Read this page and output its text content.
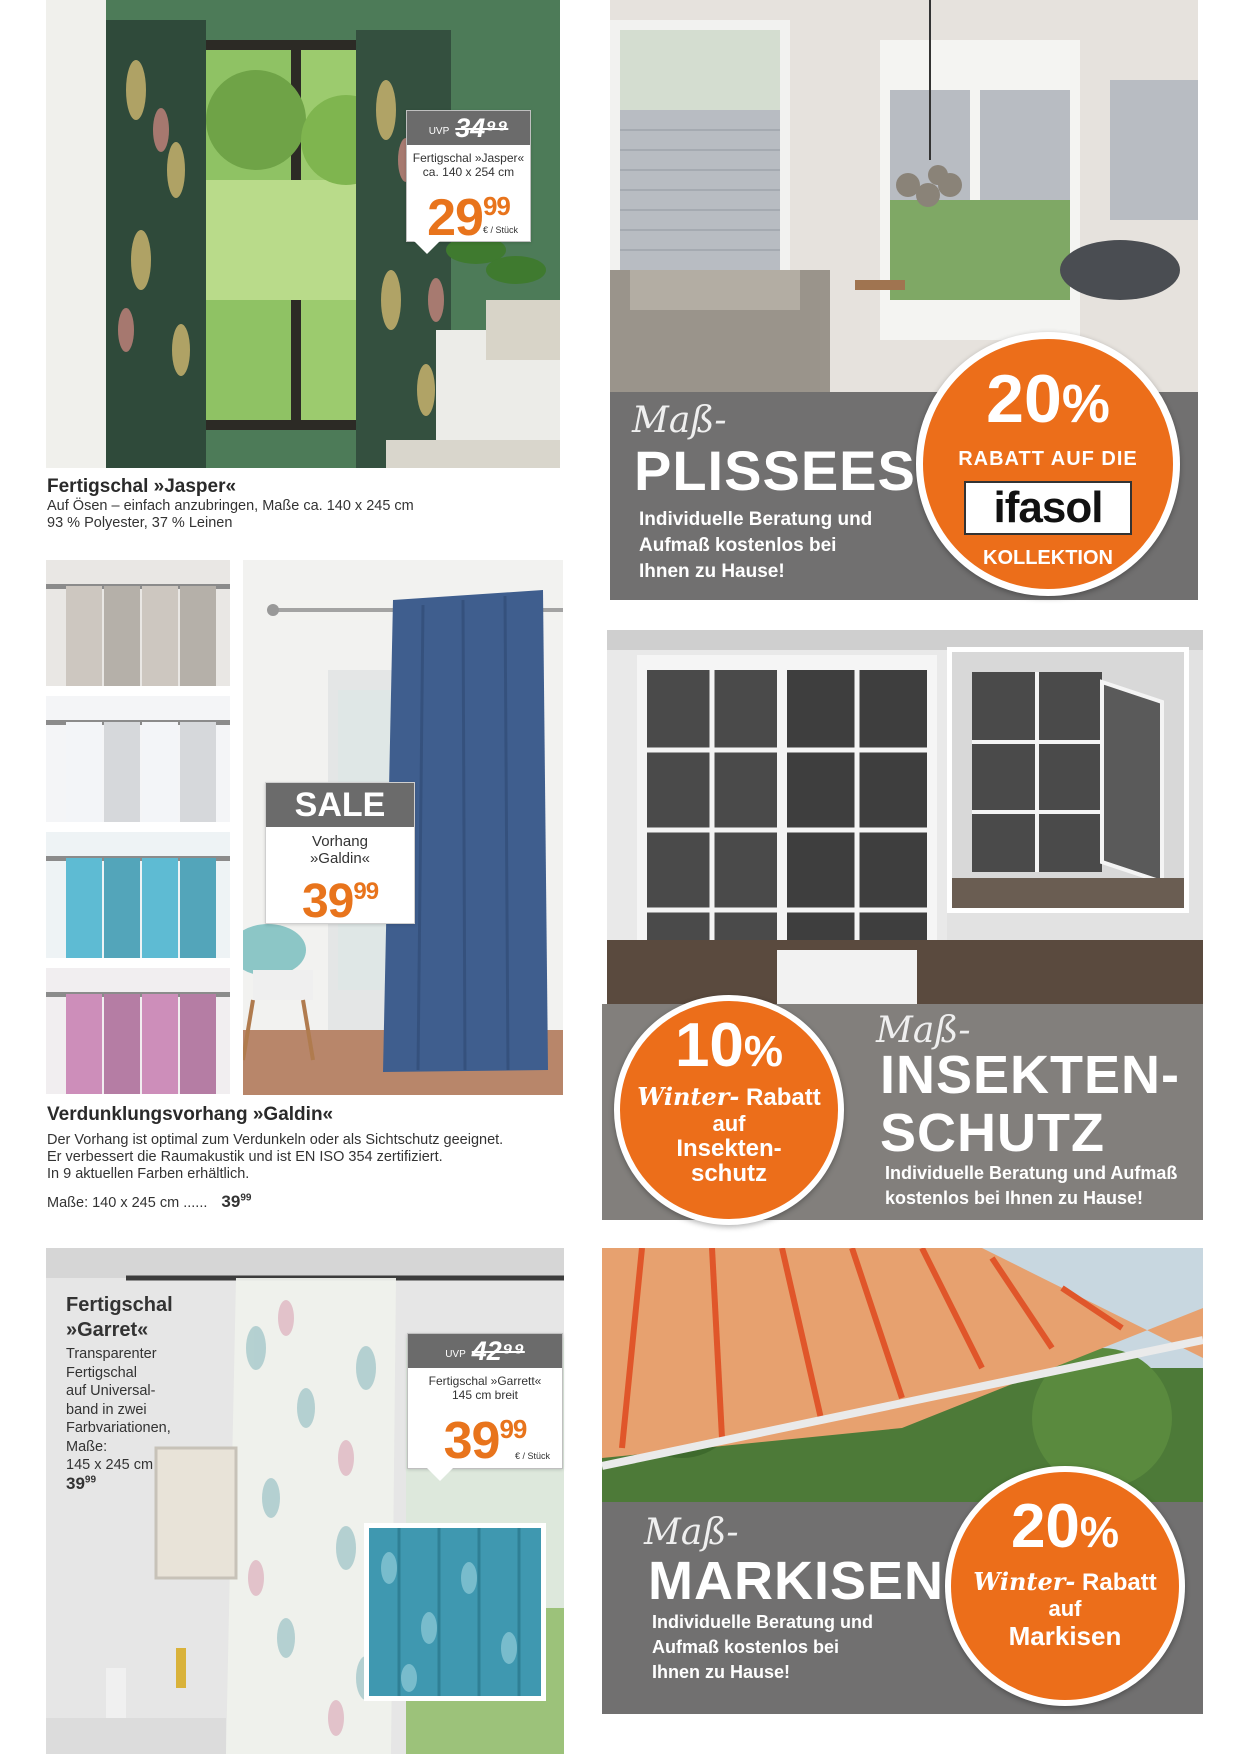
UVP 34⁹⁹
Fertigschal »Jasper«
ca. 140 x 254 cm
$29^{99}$
€ / Stück
Fertigschal »Jasper«
Auf Ösen – einfach anzubringen, Maße ca. 140 x 245 cm
93 % Polyester, 37 % Leinen
Maß-
PLISSEES
Individuelle Beratung und
Aufmaß kostenlos bei
Ihnen zu Hause!
20%
RABATT AUF DIE
ifasol
KOLLEKTION
SALE
Vorhang
»Galdin«
$39^{99}$
Verdunklungsvorhang »Galdin«
Der Vorhang ist optimal zum Verdunkeln oder als Sichtschutz geeignet.
Er verbessert die Raumakustik und ist EN ISO 354 zertifiziert.
In 9 aktuellen Farben erhältlich.
Maße: 140 x 245 cm ...... $39^{99}$
Maß-
INSEKTEN-
SCHUTZ
Individuelle Beratung und Aufmaß
kostenlos bei Ihnen zu Hause!
10%
Winter- Rabatt
auf
Insekten-
schutz
Fertigschal
»Garret«
Transparenter
Fertigschal
auf Universal-
band in zwei
Farbvariationen,
Maße:
145 x 245 cm
$39^{99}$
UVP 42⁹⁹
Fertigschal »Garrett«
145 cm breit
$39^{99}$
€ / Stück
Maß-
MARKISEN
Individuelle Beratung und
Aufmaß kostenlos bei
Ihnen zu Hause!
20%
Winter- Rabatt
auf
Markisen
